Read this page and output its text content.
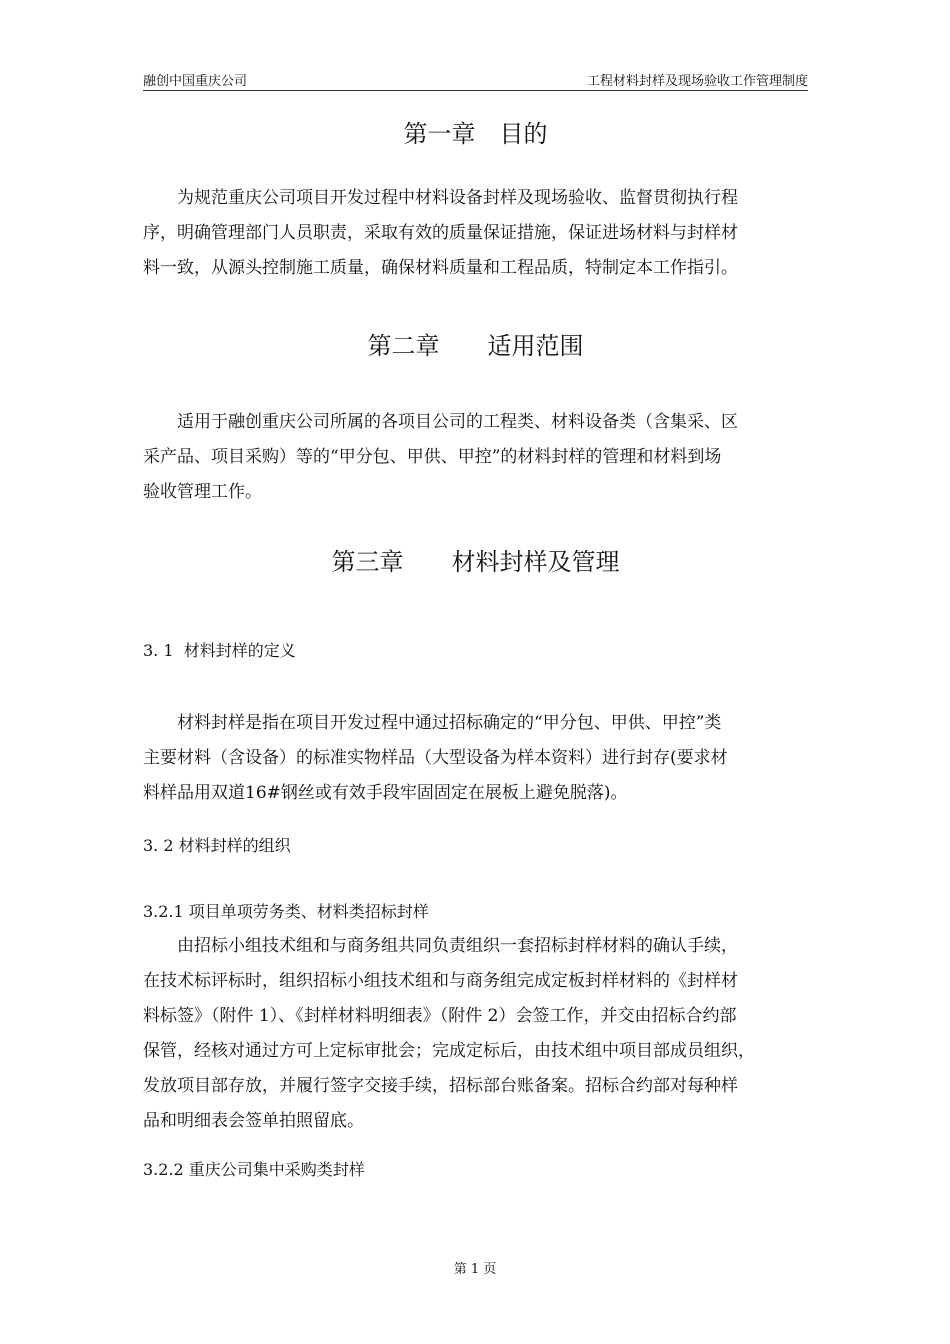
融创中国重庆公司	工程材料封样及现场验收工作管理制度
第一章　目的
　　为规范重庆公司项目开发过程中材料设备封样及现场验收、监督贯彻执行程
序，明确管理部门人员职责，采取有效的质量保证措施，保证进场材料与封样材
料一致，从源头控制施工质量，确保材料质量和工程品质，特制定本工作指引。
第二章　　适用范围
　　适用于融创重庆公司所属的各项目公司的工程类、材料设备类（含集采、区
采产品、项目采购）等的“甲分包、甲供、甲控”的材料封样的管理和材料到场
验收管理工作。
第三章　　材料封样及管理
3. 1  材料封样的定义
　　材料封样是指在项目开发过程中通过招标确定的“甲分包、甲供、甲控”类
主要材料（含设备）的标准实物样品（大型设备为样本资料）进行封存(要求材
料样品用双道16#钢丝或有效手段牢固固定在展板上避免脱落)。
3. 2 材料封样的组织
3.2.1 项目单项劳务类、材料类招标封样
　　由招标小组技术组和与商务组共同负责组织一套招标封样材料的确认手续，
在技术标评标时，组织招标小组技术组和与商务组完成定板封样材料的《封样材
料标签》（附件 1）、《封样材料明细表》（附件 2）会签工作，并交由招标合约部
保管，经核对通过方可上定标审批会；完成定标后，由技术组中项目部成员组织，
发放项目部存放，并履行签字交接手续，招标部台账备案。招标合约部对每种样
品和明细表会签单拍照留底。
3.2.2 重庆公司集中采购类封样
第 1 页
